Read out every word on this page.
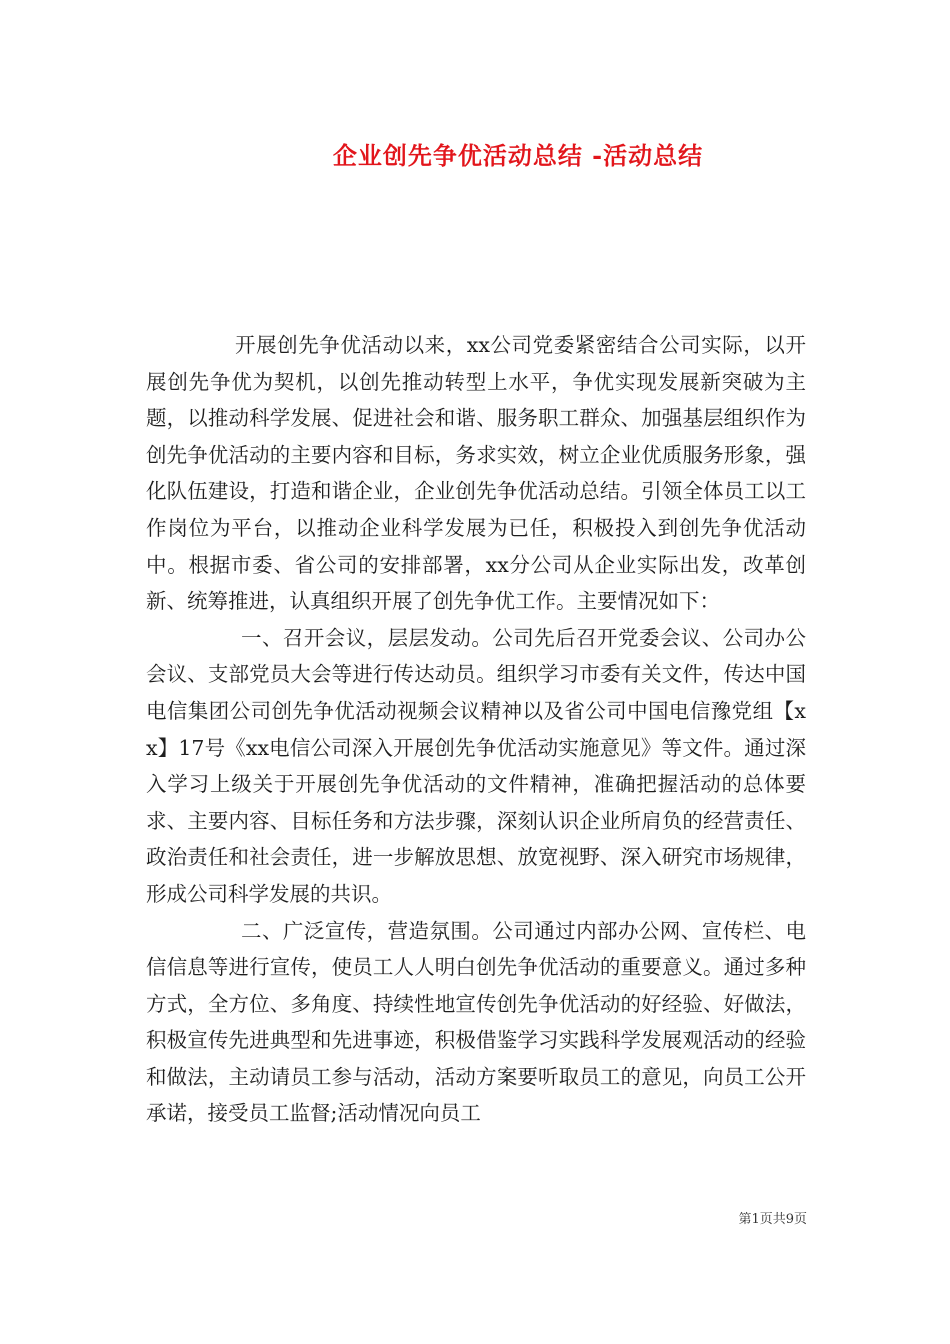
企业创先争优活动总结 -活动总结

开展创先争优活动以来，xx公司党委紧密结合公司实际，以开展创先争优为契机，以创先推动转型上水平，争优实现发展新突破为主题，以推动科学发展、促进社会和谐、服务职工群众、加强基层组织作为创先争优活动的主要内容和目标，务求实效，树立企业优质服务形象，强化队伍建设，打造和谐企业，企业创先争优活动总结。引领全体员工以工作岗位为平台，以推动企业科学发展为已任，积极投入到创先争优活动中。根据市委、省公司的安排部署，xx分公司从企业实际出发，改革创新、统筹推进，认真组织开展了创先争优工作。主要情况如下：

一、召开会议，层层发动。公司先后召开党委会议、公司办公会议、支部党员大会等进行传达动员。组织学习市委有关文件，传达中国电信集团公司创先争优活动视频会议精神以及省公司中国电信豫党组【xx】17号《xx电信公司深入开展创先争优活动实施意见》等文件。通过深入学习上级关于开展创先争优活动的文件精神，准确把握活动的总体要求、主要内容、目标任务和方法步骤，深刻认识企业所肩负的经营责任、政治责任和社会责任，进一步解放思想、放宽视野、深入研究市场规律，形成公司科学发展的共识。

二、广泛宣传，营造氛围。公司通过内部办公网、宣传栏、电信信息等进行宣传，使员工人人明白创先争优活动的重要意义。通过多种方式，全方位、多角度、持续性地宣传创先争优活动的好经验、好做法，积极宣传先进典型和先进事迹，积极借鉴学习实践科学发展观活动的经验和做法，主动请员工参与活动，活动方案要听取员工的意见，向员工公开承诺，接受员工监督;活动情况向员工

第1页共9页
